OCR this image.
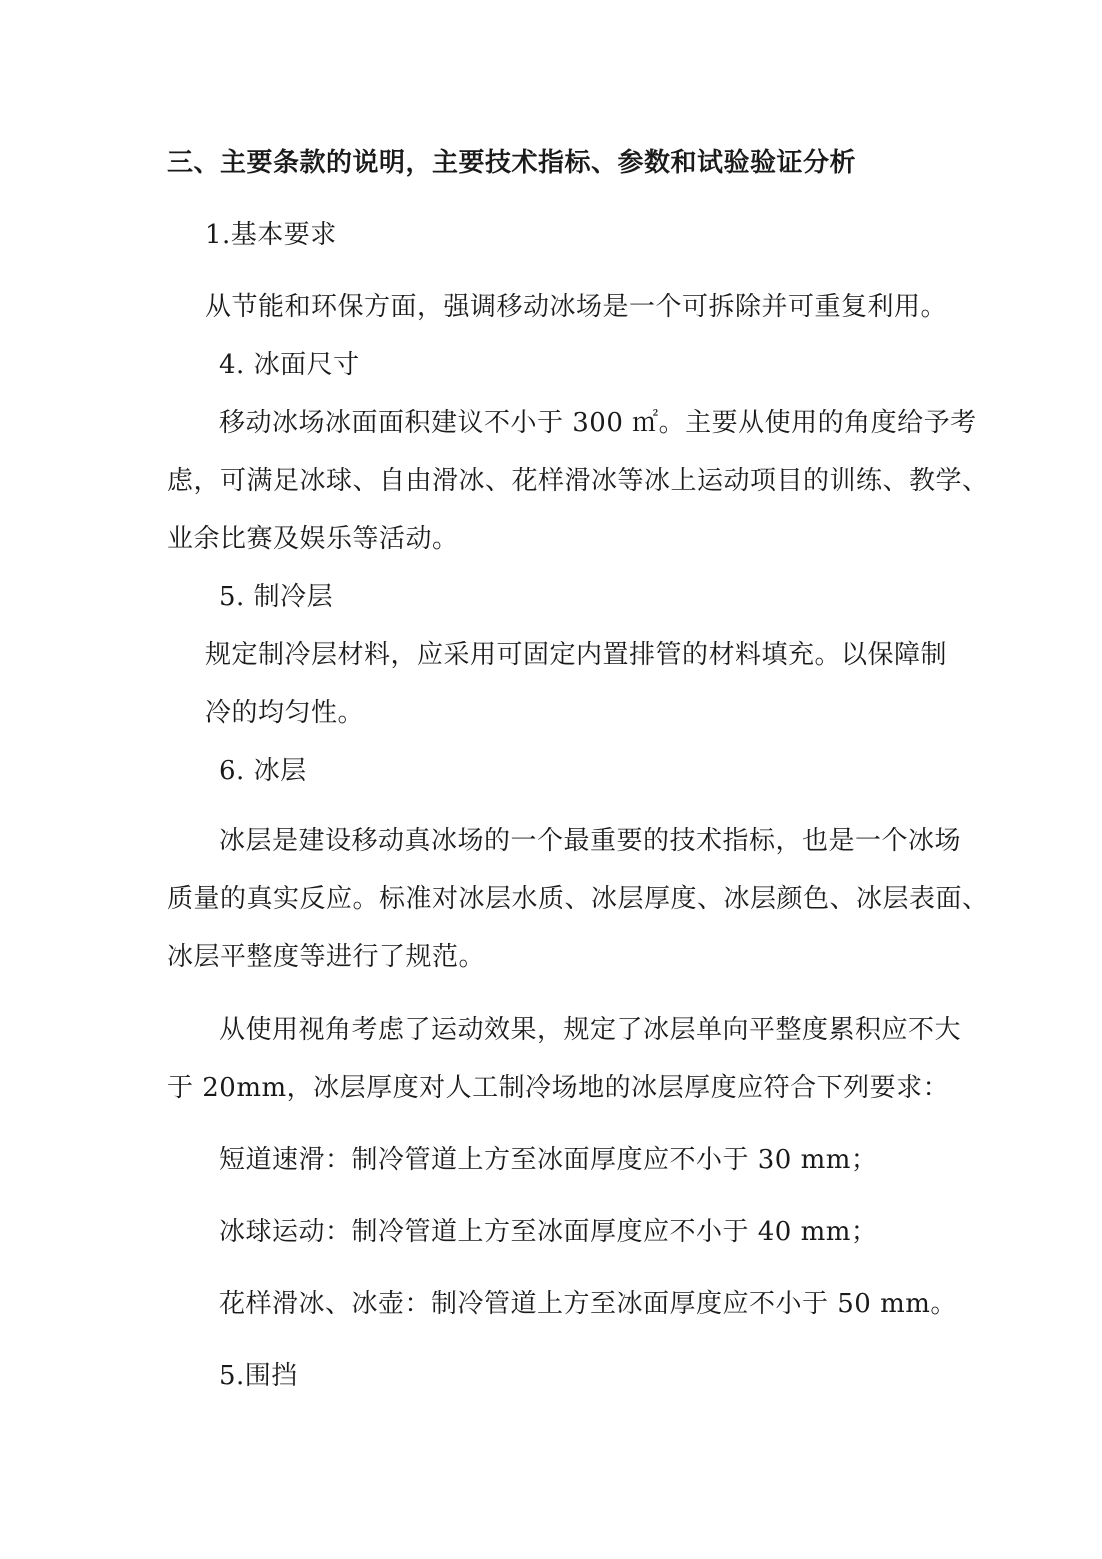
三、主要条款的说明，主要技术指标、参数和试验验证分析
1.基本要求
从节能和环保方面，强调移动冰场是一个可拆除并可重复利用。
4. 冰面尺寸
移动冰场冰面面积建议不小于 300 ㎡。主要从使用的角度给予考
虑，可满足冰球、自由滑冰、花样滑冰等冰上运动项目的训练、教学、
业余比赛及娱乐等活动。
5. 制冷层
规定制冷层材料，应采用可固定内置排管的材料填充。以保障制
冷的均匀性。
6. 冰层
冰层是建设移动真冰场的一个最重要的技术指标，也是一个冰场
质量的真实反应。标准对冰层水质、冰层厚度、冰层颜色、冰层表面、
冰层平整度等进行了规范。
从使用视角考虑了运动效果，规定了冰层单向平整度累积应不大
于 20mm，冰层厚度对人工制冷场地的冰层厚度应符合下列要求：
短道速滑：制冷管道上方至冰面厚度应不小于 30 mm；
冰球运动：制冷管道上方至冰面厚度应不小于 40 mm；
花样滑冰、冰壶：制冷管道上方至冰面厚度应不小于 50 mm。
5.围挡
